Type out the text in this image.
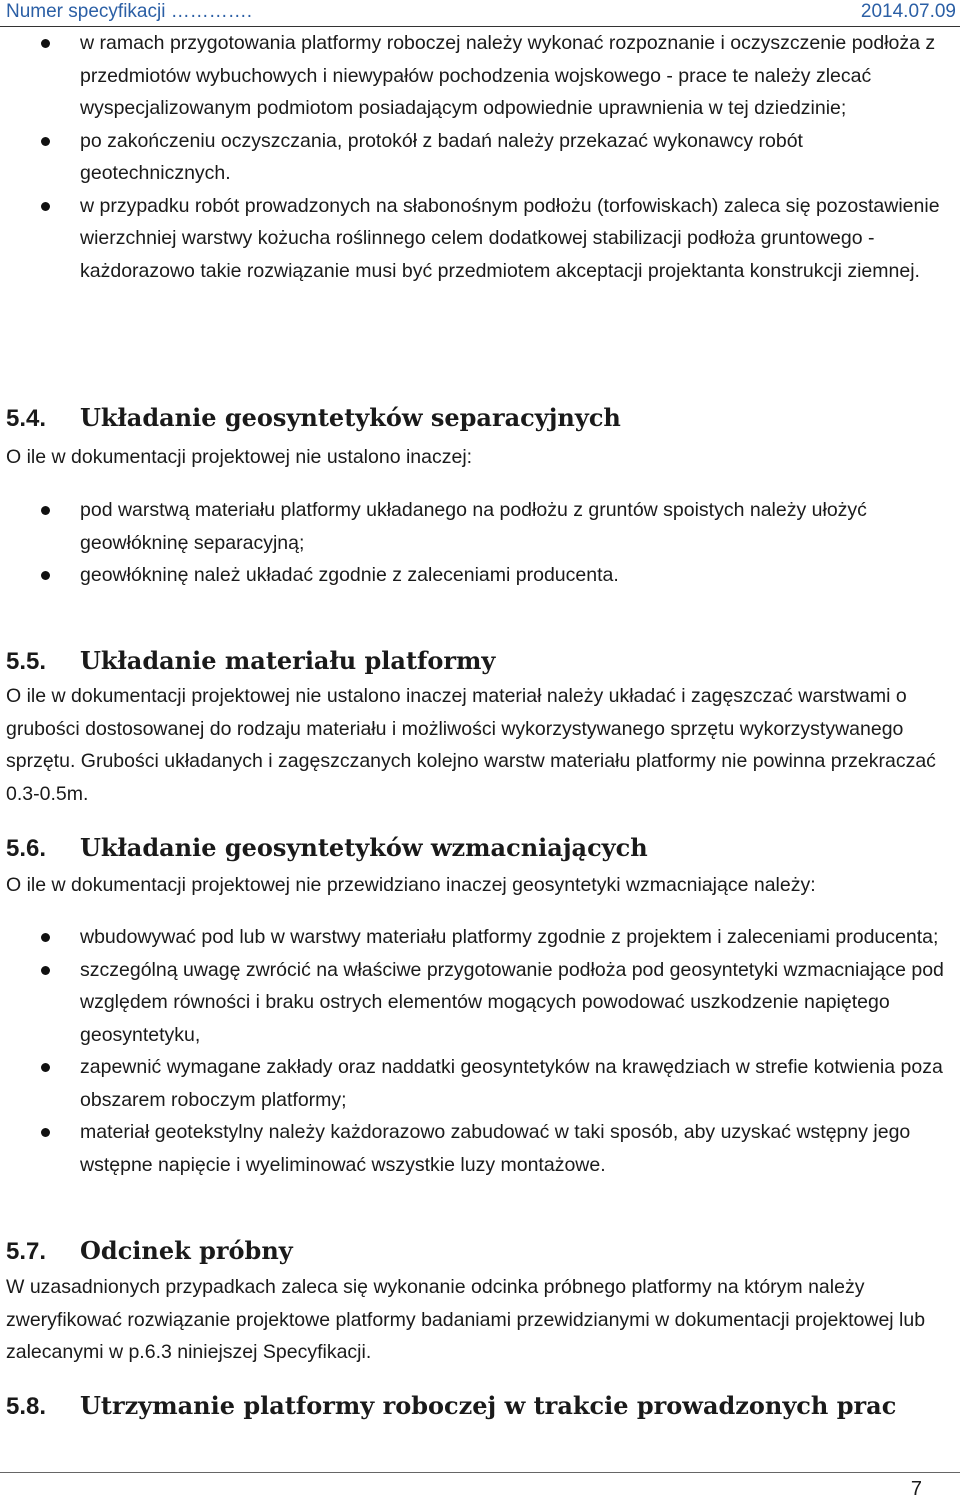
Numer specyfikacji ………….	2014.07.09
w ramach przygotowania platformy roboczej należy wykonać rozpoznanie i oczyszczenie podłoża z przedmiotów wybuchowych i niewypałów pochodzenia wojskowego - prace te należy zlecać wyspecjalizowanym podmiotom posiadającym odpowiednie uprawnienia w tej dziedzinie;
po zakończeniu oczyszczania, protokół z badań należy przekazać wykonawcy robót geotechnicznych.
w przypadku robót prowadzonych na słabonośnym podłożu (torfowiskach) zaleca się pozostawienie wierzchniej warstwy kożucha roślinnego celem dodatkowej stabilizacji podłoża gruntowego - każdorazowo takie rozwiązanie musi być przedmiotem akceptacji projektanta konstrukcji ziemnej.
5.4. Układanie geosyntetyków separacyjnych
O ile w dokumentacji projektowej nie ustalono inaczej:
pod warstwą materiału platformy układanego na podłożu z gruntów spoistych należy ułożyć geowłókninę separacyjną;
geowłókninę należ układać zgodnie z zaleceniami producenta.
5.5. Układanie materiału platformy
O ile w dokumentacji projektowej nie ustalono inaczej materiał należy układać i zagęszczać warstwami o grubości dostosowanej do rodzaju materiału i możliwości wykorzystywanego sprzętu wykorzystywanego sprzętu. Grubości układanych i zagęszczanych kolejno warstw materiału platformy nie powinna przekraczać 0.3-0.5m.
5.6. Układanie geosyntetyków wzmacniających
O ile w dokumentacji projektowej nie przewidziano inaczej geosyntetyki wzmacniające należy:
wbudowywać pod lub w warstwy materiału platformy zgodnie z projektem i zaleceniami producenta;
szczególną uwagę zwrócić na właściwe przygotowanie podłoża pod geosyntetyki wzmacniające pod względem równości i braku ostrych elementów mogących powodować uszkodzenie napiętego geosyntetyku,
zapewnić wymagane zakłady oraz naddatki geosyntetyków na krawędziach w strefie kotwienia poza obszarem roboczym platformy;
materiał geotekstylny należy każdorazowo zabudować w taki sposób, aby uzyskać wstępny jego wstępne napięcie i wyeliminować wszystkie luzy montażowe.
5.7. Odcinek próbny
W uzasadnionych przypadkach zaleca się wykonanie odcinka próbnego platformy na którym należy zweryfikować rozwiązanie projektowe platformy badaniami przewidzianymi w dokumentacji projektowej lub zalecanymi w p.6.3 niniejszej Specyfikacji.
5.8. Utrzymanie platformy roboczej w trakcie prowadzonych prac
7
